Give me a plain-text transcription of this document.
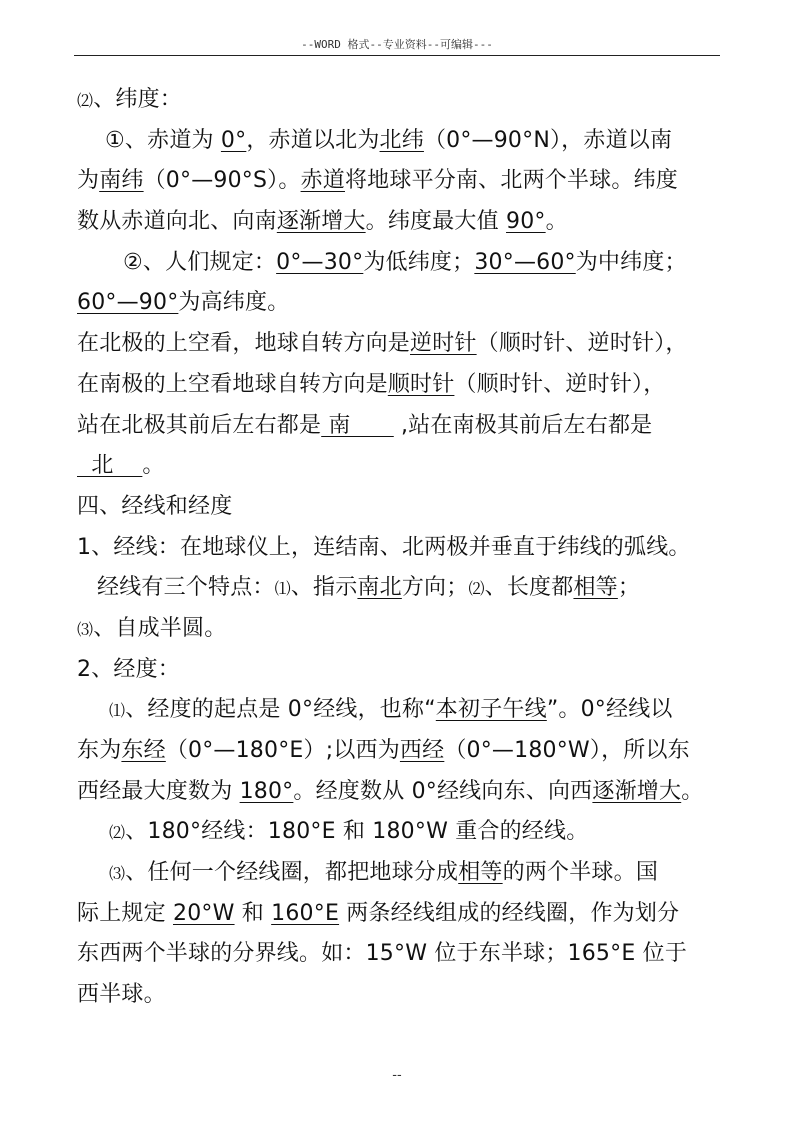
--WORD 格式--专业资料--可编辑---
⑵、纬度：
①、赤道为 0°，赤道以北为北纬（0°—90°N），赤道以南
为南纬（0°—90°S）。赤道将地球平分南、北两个半球。纬度
数从赤道向北、向南逐渐增大。纬度最大值 90°。
②、人们规定：0°—30°为低纬度；30°—60°为中纬度；
60°—90°为高纬度。
在北极的上空看，地球自转方向是逆时针（顺时针、逆时针），
在南极的上空看地球自转方向是顺时针（顺时针、逆时针），
站在北极其前后左右都是 南       ,站在南极其前后左右都是
北    。
四、经线和经度
1、经线：在地球仪上，连结南、北两极并垂直于纬线的弧线。
经线有三个特点：⑴、指示南北方向；⑵、长度都相等；
⑶、自成半圆。
2、经度：
⑴、经度的起点是 0°经线，也称“本初子午线”。0°经线以
东为东经（0°—180°E）;以西为西经（0°—180°W），所以东
西经最大度数为 180°。经度数从 0°经线向东、向西逐渐增大。
⑵、180°经线：180°E 和 180°W 重合的经线。
⑶、任何一个经线圈，都把地球分成相等的两个半球。国
际上规定 20°W 和 160°E 两条经线组成的经线圈，作为划分
东西两个半球的分界线。如：15°W 位于东半球；165°E 位于
西半球。
--
